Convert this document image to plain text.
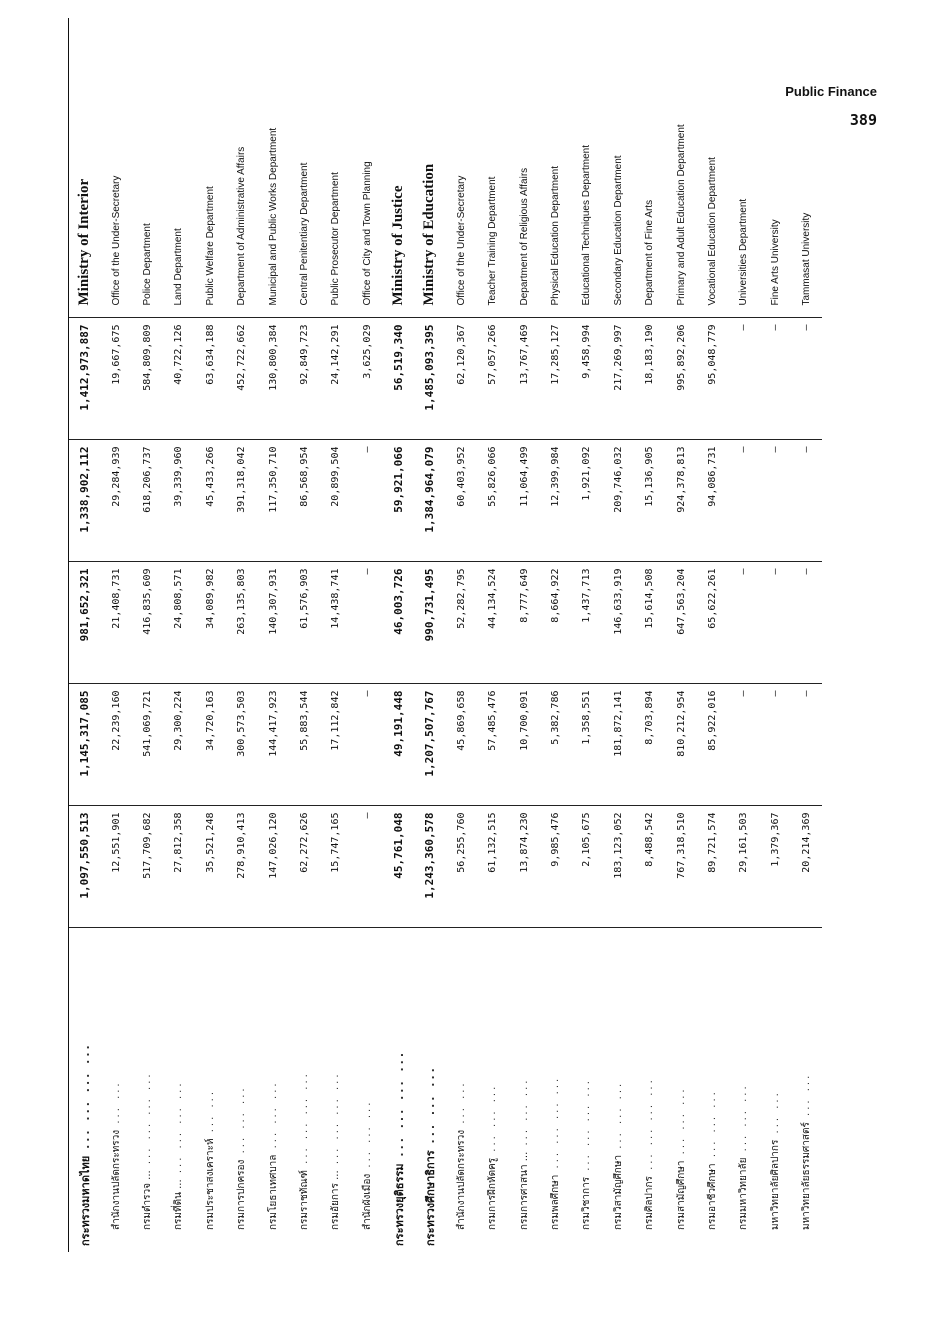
Public Finance
389
กระทรวงมหาดไทย ... ... ... ...	1,097,550,513	1,145,317,085	981,652,321	1,338,902,112	1,412,973,887	Ministry of Interior
สำนักงานปลัดกระทรวง ... ...	12,551,901	22,239,160	21,408,731	29,284,939	19,667,675	Office of the Under-Secretary
กรมตำรวจ ... ... ... ... ...	517,709,682	541,069,721	416,835,609	618,206,737	584,809,809	Police Department
กรมที่ดิน ... ... ... ... ...	27,812,358	29,300,224	24,808,571	39,339,960	40,722,126	Land Department
กรมประชาสงเคราะห์ ... ...	35,521,248	34,720,163	34,089,982	45,433,266	63,634,188	Public Welfare Department
กรมการปกครอง ... ... ...	278,910,413	300,573,503	263,135,803	391,318,042	452,722,662	Department of Administrative Affairs
กรมโยธาเทศบาล ... ... ...	147,026,120	144,417,923	140,307,931	117,350,710	130,800,384	Municipal and Public Works Department
กรมราชทัณฑ์ ... ... ... ...	62,272,626	55,883,544	61,576,903	86,568,954	92,849,723	Central Penitentiary Department
กรมอัยการ ... ... ... ... ...	15,747,165	17,112,842	14,438,741	20,899,504	24,142,291	Public Prosecutor Department
สำนักผังเมือง ... ... ...	—	—	—	—	3,625,029	Office of City and Town Planning
กระทรวงยุติธรรม ... ... ... ...	45,761,048	49,191,448	46,003,726	59,921,066	56,519,340	Ministry of Justice
กระทรวงศึกษาธิการ ... ... ...	1,243,360,578	1,207,507,767	990,731,495	1,384,964,079	1,485,093,395	Ministry of Education
สำนักงานปลัดกระทรวง ... ...	56,255,760	45,869,658	52,282,795	60,403,952	62,120,367	Office of the Under-Secretary
กรมการฝึกหัดครู ... ... ...	61,132,515	57,485,476	44,134,524	55,826,066	57,057,266	Teacher Training Department
กรมการศาสนา ... ... ... ...	13,874,230	10,700,091	8,777,649	11,064,499	13,767,469	Department of Religious Affairs
กรมพลศึกษา ... ... ... ...	9,985,476	5,382,786	8,664,922	12,399,984	17,285,127	Physical Education Department
กรมวิชาการ ... ... ... ...	2,105,675	1,358,551	1,437,713	1,921,092	9,458,994	Educational Techniques Department
กรมวิสามัญศึกษา ... ... ...	183,123,052	181,872,141	146,633,919	209,746,032	217,269,997	Secondary Education Department
กรมศิลปากร ... ... ... ...	8,488,542	8,703,894	15,614,508	15,136,905	18,183,190	Department of Fine Arts
กรมสามัญศึกษา ... ... ...	767,318,510	810,212,954	647,563,204	924,378,813	995,892,206	Primary and Adult Education Department
กรมอาชีวศึกษา ... ... ...	89,721,574	85,922,016	65,622,261	94,086,731	95,048,779	Vocational Education Department
กรมมหาวิทยาลัย ... ... ...	29,161,503	—	—	—	—	Universities Department
มหาวิทยาลัยศิลปากร ... ...	1,379,367	—	—	—	—	Fine Arts University
มหาวิทยาลัยธรรมศาสตร์ ... ...	20,214,369	—	—	—	—	Tammasat University
